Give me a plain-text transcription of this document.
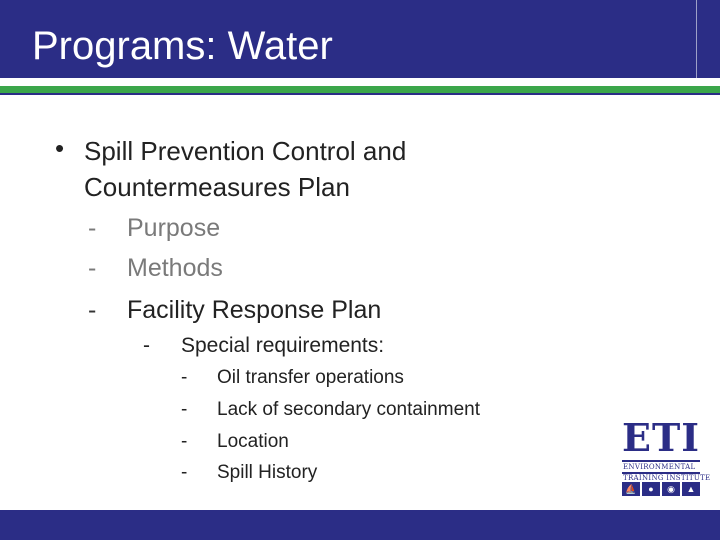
Programs: Water
• Spill Prevention Control and Countermeasures Plan
- Purpose
- Methods
- Facility Response Plan
- Special requirements:
- Oil transfer operations
- Lack of secondary containment
- Location
- Spill History
ETI
ENVIRONMENTAL
TRAINING INSTITUTE
⛵	●	◉	▲
